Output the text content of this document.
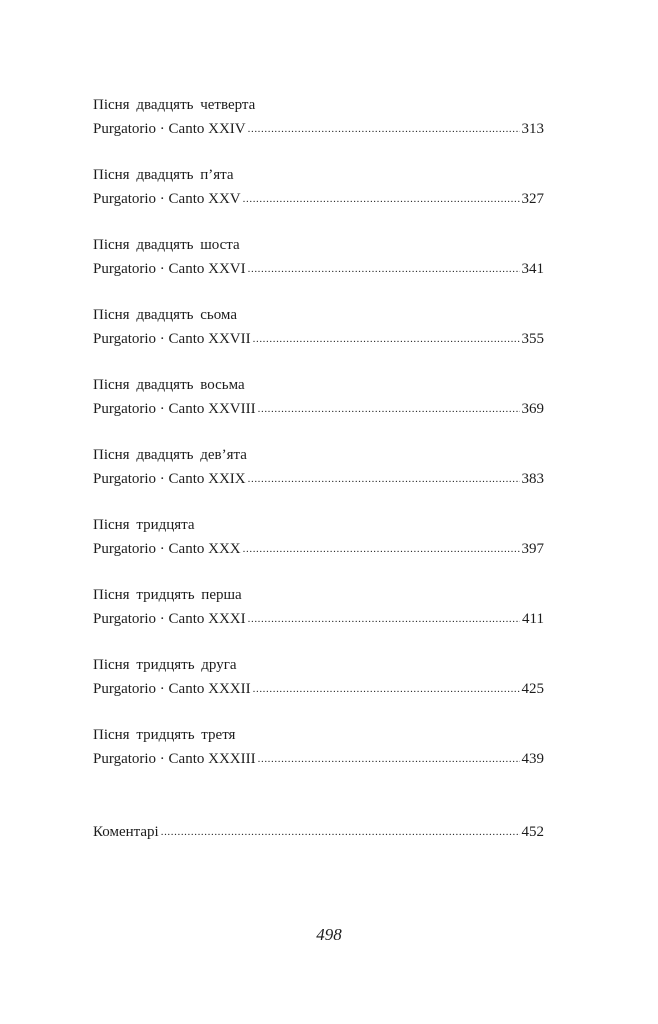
Пісня двадцять четверта
Purgatorio · Canto XXIV .....	313
Пісня двадцять п’ята
Purgatorio · Canto XXV .....	327
Пісня двадцять шоста
Purgatorio · Canto XXVI .....	341
Пісня двадцять сьома
Purgatorio · Canto XXVII .....	355
Пісня двадцять восьма
Purgatorio · Canto XXVIII .....	369
Пісня двадцять дев’ята
Purgatorio · Canto XXIX .....	383
Пісня тридцята
Purgatorio · Canto XXX .....	397
Пісня тридцять перша
Purgatorio · Canto XXXI .....	411
Пісня тридцять друга
Purgatorio · Canto XXXII .....	425
Пісня тридцять третя
Purgatorio · Canto XXXIII .....	439
Коментарі .....	452
498
